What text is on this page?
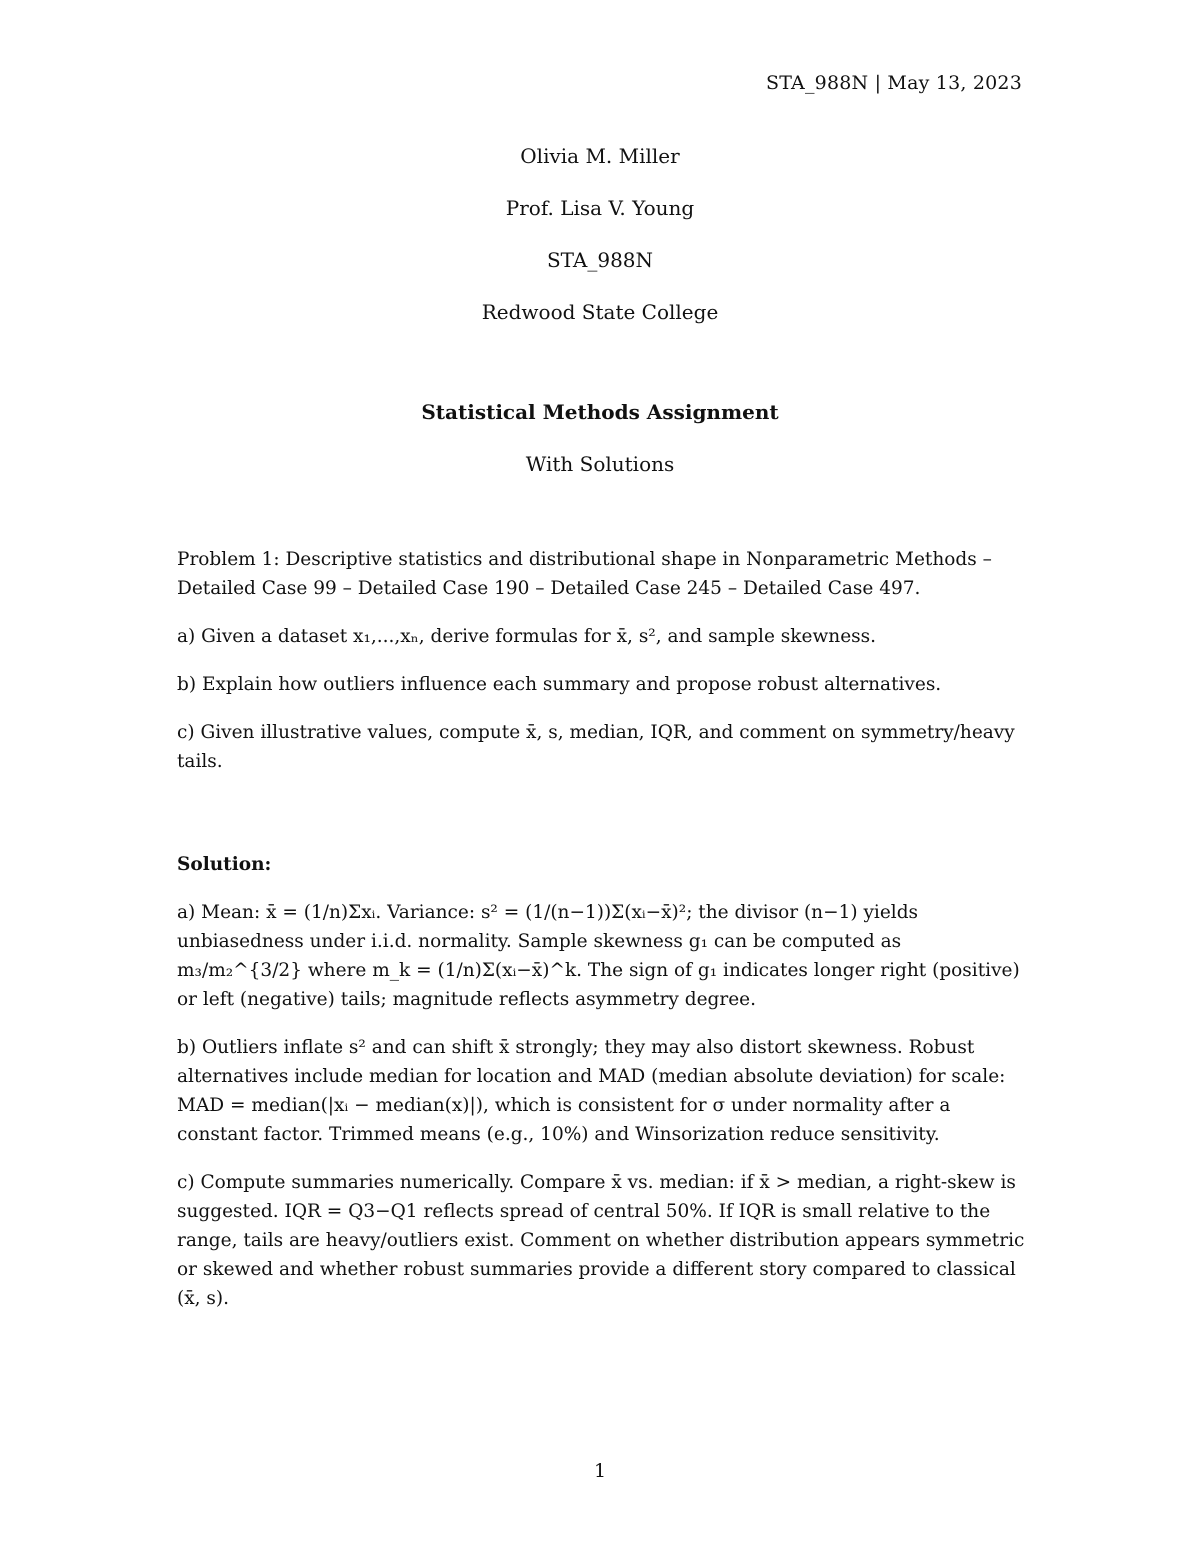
STA_988N | May 13, 2023
Olivia M. Miller
Prof. Lisa V. Young
STA_988N
Redwood State College
Statistical Methods Assignment
With Solutions

Problem 1: Descriptive statistics and distributional shape in Nonparametric Methods – Detailed Case 99 – Detailed Case 190 – Detailed Case 245 – Detailed Case 497.

a) Given a dataset x₁,...,xₙ, derive formulas for x̄, s², and sample skewness.

b) Explain how outliers influence each summary and propose robust alternatives.

c) Given illustrative values, compute x̄, s, median, IQR, and comment on symmetry/heavy tails.

Solution:

a) Mean: x̄ = (1/n)Σxᵢ. Variance: s² = (1/(n−1))Σ(xᵢ−x̄)²; the divisor (n−1) yields unbiasedness under i.i.d. normality. Sample skewness g₁ can be computed as m₃/m₂^{3/2} where m_k = (1/n)Σ(xᵢ−x̄)^k. The sign of g₁ indicates longer right (positive) or left (negative) tails; magnitude reflects asymmetry degree.

b) Outliers inflate s² and can shift x̄ strongly; they may also distort skewness. Robust alternatives include median for location and MAD (median absolute deviation) for scale: MAD = median(|xᵢ − median(x)|), which is consistent for σ under normality after a constant factor. Trimmed means (e.g., 10%) and Winsorization reduce sensitivity.

c) Compute summaries numerically. Compare x̄ vs. median: if x̄ > median, a right-skew is suggested. IQR = Q3−Q1 reflects spread of central 50%. If IQR is small relative to the range, tails are heavy/outliers exist. Comment on whether distribution appears symmetric or skewed and whether robust summaries provide a different story compared to classical (x̄, s).

1
